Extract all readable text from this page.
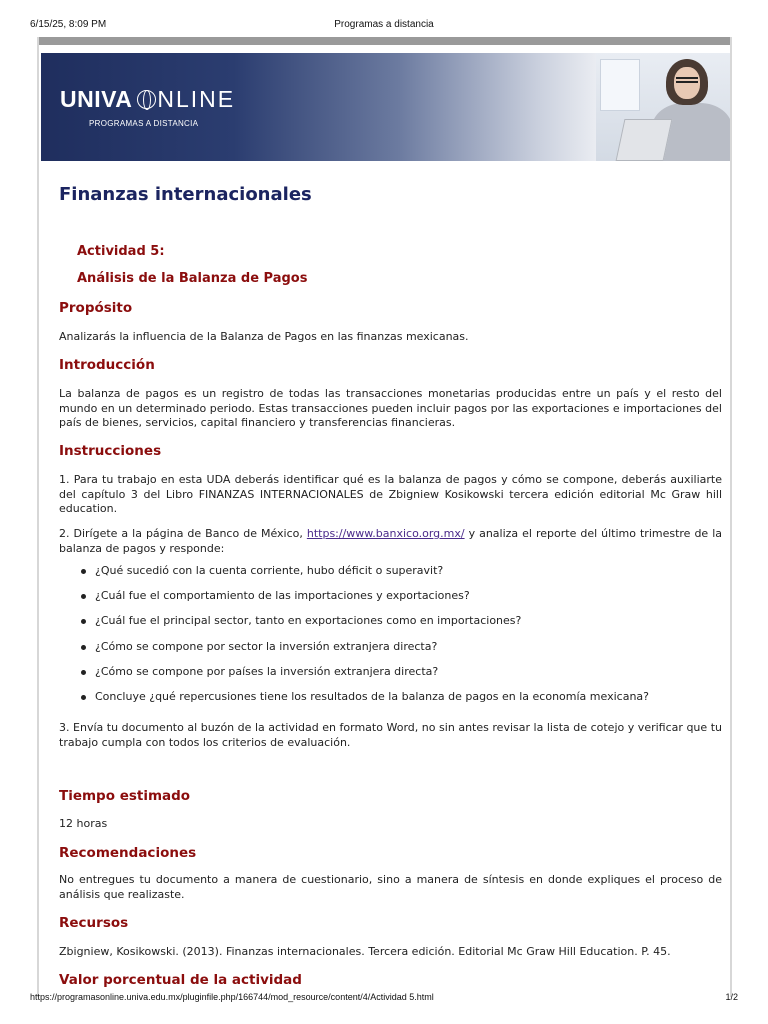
6/15/25, 8:09 PM	Programas a distancia
UNIVA NLINE
PROGRAMAS A DISTANCIA
Finanzas internacionales
Actividad 5:
Análisis de la Balanza de Pagos
Propósito
Analizarás la influencia de la Balanza de Pagos en las finanzas mexicanas.
Introducción
La balanza de pagos es un registro de todas las transacciones monetarias producidas entre un país y el resto del mundo en un determinado periodo. Estas transacciones pueden incluir pagos por las exportaciones e importaciones del país de bienes, servicios, capital financiero y transferencias financieras.
Instrucciones
1. Para tu trabajo en esta UDA deberás identificar qué es la balanza de pagos y cómo se compone, deberás auxiliarte del capítulo 3 del Libro FINANZAS INTERNACIONALES de Zbigniew Kosikowski tercera edición editorial Mc Graw hill education.
2. Dirígete a la página de Banco de México, https://www.banxico.org.mx/ y analiza el reporte del último trimestre de la balanza de pagos y responde:
¿Qué sucedió con la cuenta corriente, hubo déficit o superavit?
¿Cuál fue el comportamiento de las importaciones y exportaciones?
¿Cuál fue el principal sector, tanto en exportaciones como en importaciones?
¿Cómo se compone por sector la inversión extranjera directa?
¿Cómo se compone por países la inversión extranjera directa?
Concluye ¿qué repercusiones tiene los resultados de la balanza de pagos en la economía mexicana?
3. Envía tu documento al buzón de la actividad en formato Word, no sin antes revisar la lista de cotejo y verificar que tu trabajo cumpla con todos los criterios de evaluación.
Tiempo estimado
12 horas
Recomendaciones
No entregues tu documento a manera de cuestionario, sino a manera de síntesis en donde expliques el proceso de análisis que realizaste.
Recursos
Zbigniew, Kosikowski. (2013). Finanzas internacionales. Tercera edición. Editorial Mc Graw Hill Education. P. 45.
Valor porcentual de la actividad
https://programasonline.univa.edu.mx/pluginfile.php/166744/mod_resource/content/4/Actividad 5.html	1/2
